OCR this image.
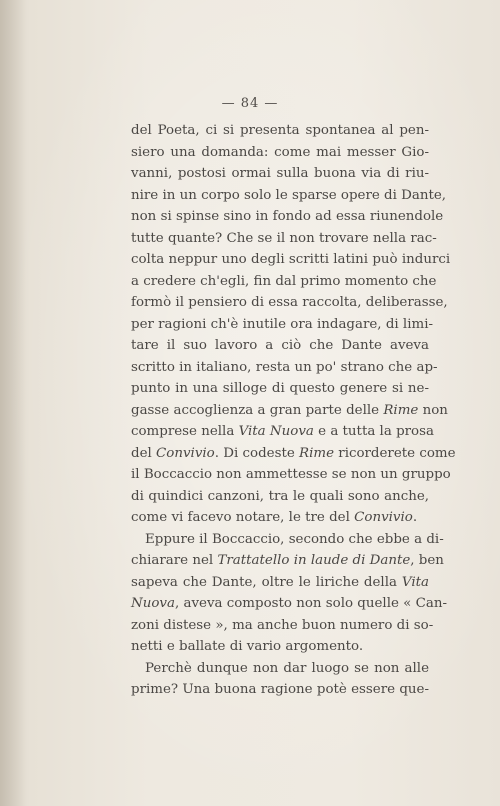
— 84 —
del Poeta, ci si presenta spontanea al pen-
siero una domanda: come mai messer Gio-
vanni, postosi ormai sulla buona via di riu-
nire in un corpo solo le sparse opere di Dante,
non si spinse sino in fondo ad essa riunendole
tutte quante? Che se il non trovare nella rac-
colta neppur uno degli scritti latini può indurci
a credere ch'egli, fin dal primo momento che
formò il pensiero di essa raccolta, deliberasse,
per ragioni ch'è inutile ora indagare, di limi-
tare il suo lavoro a ciò che Dante aveva
scritto in italiano, resta un po' strano che ap-
punto in una silloge di questo genere si ne-
gasse accoglienza a gran parte delle Rime non
comprese nella Vita Nuova e a tutta la prosa
del Convivio. Di codeste Rime ricorderete come
il Boccaccio non ammettesse se non un gruppo
di quindici canzoni, tra le quali sono anche,
come vi facevo notare, le tre del Convivio.
Eppure il Boccaccio, secondo che ebbe a di-
chiarare nel Trattatello in laude di Dante, ben
sapeva che Dante, oltre le liriche della Vita
Nuova, aveva composto non solo quelle « Can-
zoni distese », ma anche buon numero di so-
netti e ballate di vario argomento.
Perchè dunque non dar luogo se non alle
prime? Una buona ragione potè essere que-
